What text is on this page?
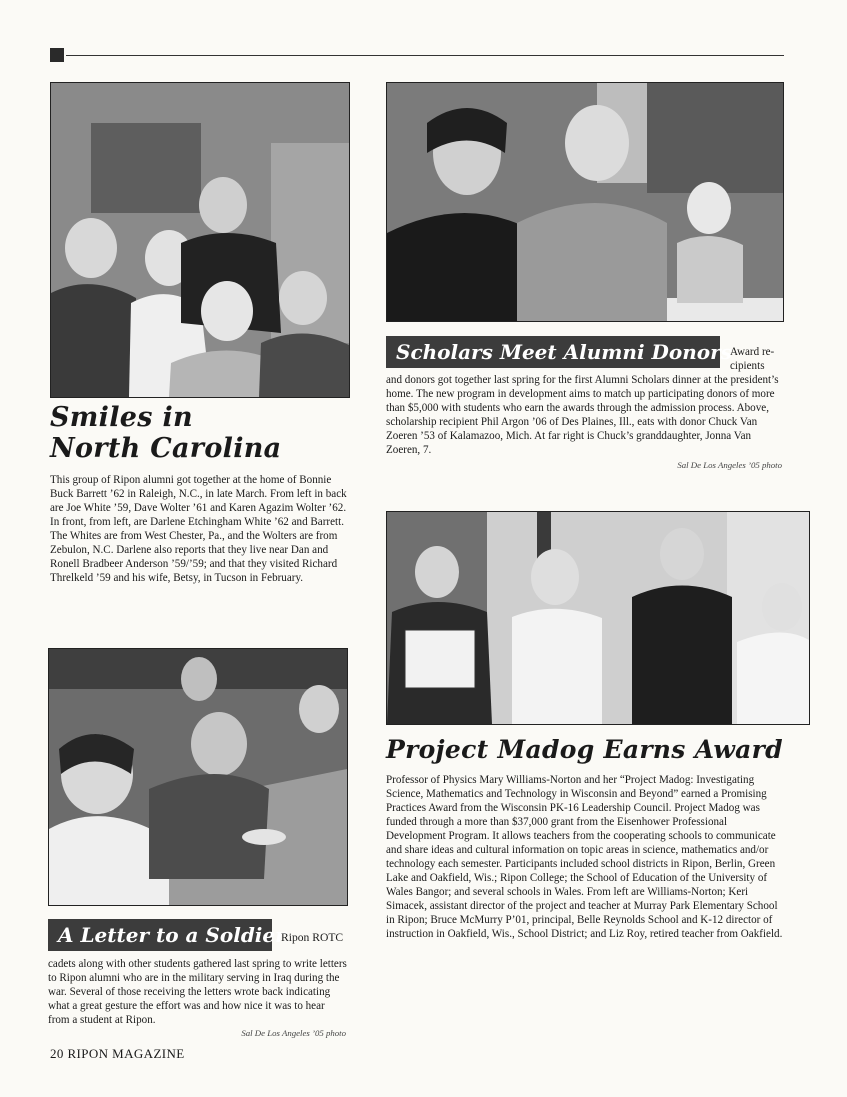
Smiles in
North Carolina
This group of Ripon alumni got together at the home of Bonnie Buck Barrett ’62 in Raleigh, N.C., in late March. From left in back are Joe White ’59, Dave Wolter ’61 and Karen Agazim Wolter ’62. In front, from left, are Darlene Etchingham White ’62 and Barrett. The Whites are from West Chester, Pa., and the Wolters are from Zebulon, N.C. Darlene also reports that they live near Dan and Ronell Bradbeer Anderson ’59/’59; and that they visited Richard Threlkeld ’59 and his wife, Betsy, in Tucson in February.
Scholars Meet Alumni Donors
Award re-cipients
and donors got together last spring for the first Alumni Scholars dinner at the president’s home. The new program in development aims to match up participating donors of more than $5,000 with students who earn the awards through the admission process. Above, scholarship recipient Phil Argon ’06 of Des Plaines, Ill., eats with donor Chuck Van Zoeren ’53 of Kalamazoo, Mich. At far right is Chuck’s granddaughter, Jonna Van Zoeren, 7.
Sal De Los Angeles ’05 photo
Project Madog Earns Award
Professor of Physics Mary Williams-Norton and her “Project Madog: Investigating Science, Mathematics and Technology in Wisconsin and Beyond” earned a Promising Practices Award from the Wisconsin PK-16 Leadership Council. Project Madog was funded through a more than $37,000 grant from the Eisenhower Professional Development Program. It allows teachers from the cooperating schools to communicate and share ideas and cultural information on topic areas in science, mathematics and/or technology each semester. Participants included school districts in Ripon, Berlin, Green Lake and Oakfield, Wis.; Ripon College; the School of Education of the University of Wales Bangor; and several schools in Wales. From left are Williams-Norton; Keri Simacek, assistant director of the project and teacher at Murray Park Elementary School in Ripon; Bruce McMurry P’01, principal, Belle Reynolds School and K-12 director of instruction in Oakfield, Wis., School District; and Liz Roy, retired teacher from Oakfield.
A Letter to a Soldier
Ripon ROTC
cadets along with other students gathered last spring to write letters to Ripon alumni who are in the military serving in Iraq during the war. Several of those receiving the letters wrote back indicating what a great gesture the effort was and how nice it was to hear from a student at Ripon.
Sal De Los Angeles ’05 photo
20 RIPON MAGAZINE
